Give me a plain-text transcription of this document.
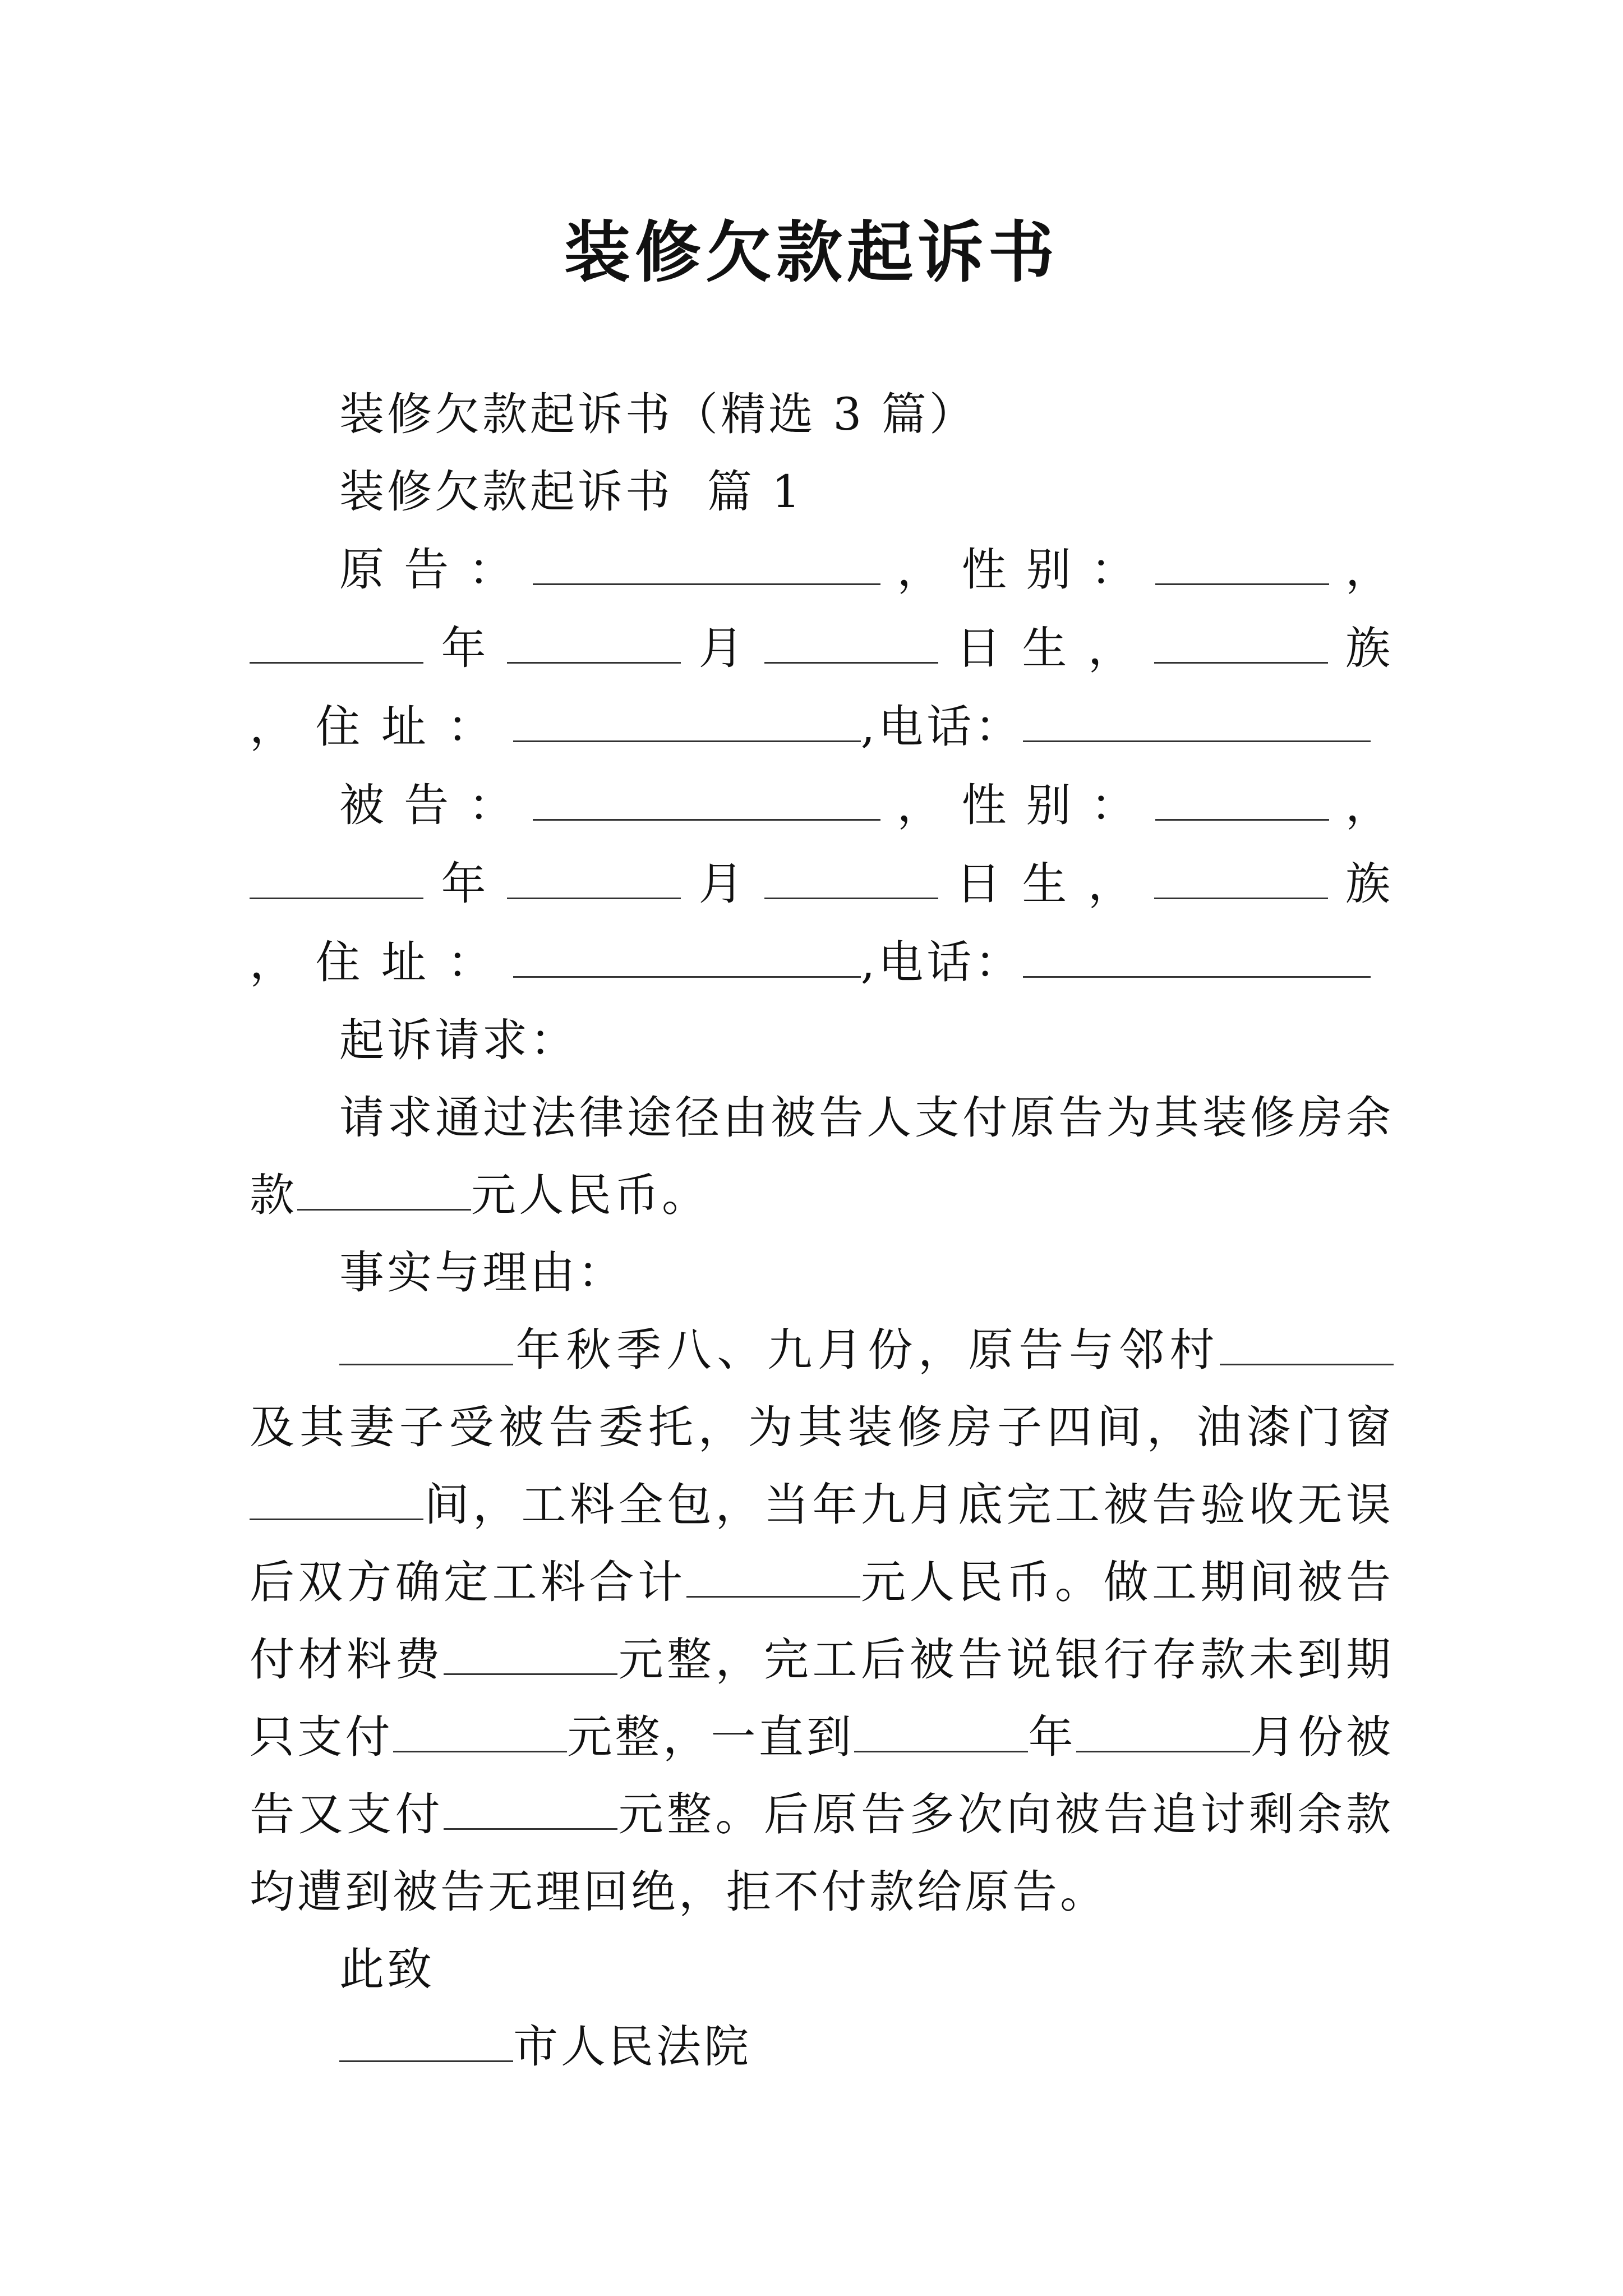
装修欠款起诉书

装修欠款起诉书（精选 3 篇）

装修欠款起诉书  篇 1

原告：	，性别：	， 年	月	日 生 ，	族 ， 住 址 ：	,电话：

被告：	，性别：	， 年	月	日 生 ，	族 ， 住 址 ：	,电话：

起诉请求：

请求通过法律途径由被告人支付原告为其装修房余款	元人民币。

事实与理由：

年秋季八、九月份，原告与邻村及其妻子受被告委托，为其装修房子四间，油漆门窗间，工料全包，当年九月底完工被告验收无误后双方确定工料合计	元人民币。做工期间被告付材料费	元整，完工后被告说银行存款未到期只支付	元整，一直到	年	月份被告又支付	元整。后原告多次向被告追讨剩余款均遭到被告无理回绝，拒不付款给原告。

此致

市人民法院
